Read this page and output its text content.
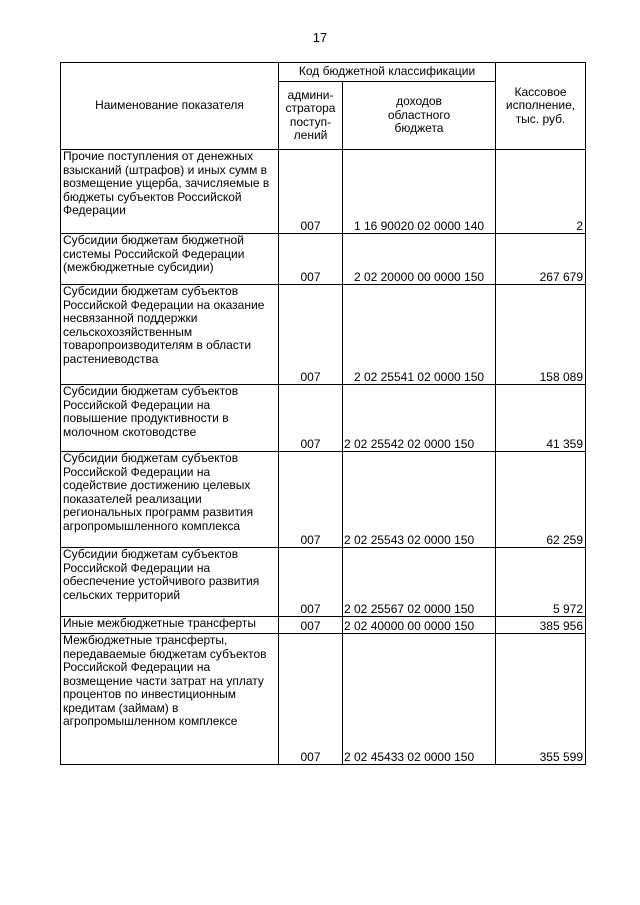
17
Наименование показателя	Код бюджетной классификации		Кассовое
исполнение,
тыс. руб.
	админи-
стратора
поступ-
лений	доходов
областного
бюджета	
Прочие поступления от денежных взысканий (штрафов) и иных сумм в возмещение ущерба, зачисляемые в бюджеты субъектов Российской Федерации	007	1 16 90020 02 0000 140	2
Субсидии бюджетам бюджетной системы Российской Федерации (межбюджетные субсидии)	007	2 02 20000 00 0000 150	267 679
Субсидии бюджетам субъектов Российской Федерации на оказание несвязанной поддержки сельскохозяйственным товаропроизводителям в области растениеводства	007	2 02 25541 02 0000 150	158 089
Субсидии бюджетам субъектов Российской Федерации на повышение продуктивности в молочном скотоводстве	007	2 02 25542 02 0000 150	41 359
Субсидии бюджетам субъектов Российской Федерации на содействие достижению целевых показателей реализации региональных программ развития агропромышленного комплекса	007	2 02 25543 02 0000 150	62 259
Субсидии бюджетам субъектов Российской Федерации на обеспечение устойчивого развития сельских территорий	007	2 02 25567 02 0000 150	5 972
Иные межбюджетные трансферты	007	2 02 40000 00 0000 150	385 956
Межбюджетные трансферты, передаваемые бюджетам субъектов Российской Федерации на возмещение части затрат на уплату процентов по инвестиционным кредитам (займам) в агропромышленном комплексе	007	2 02 45433 02 0000 150	355 599
